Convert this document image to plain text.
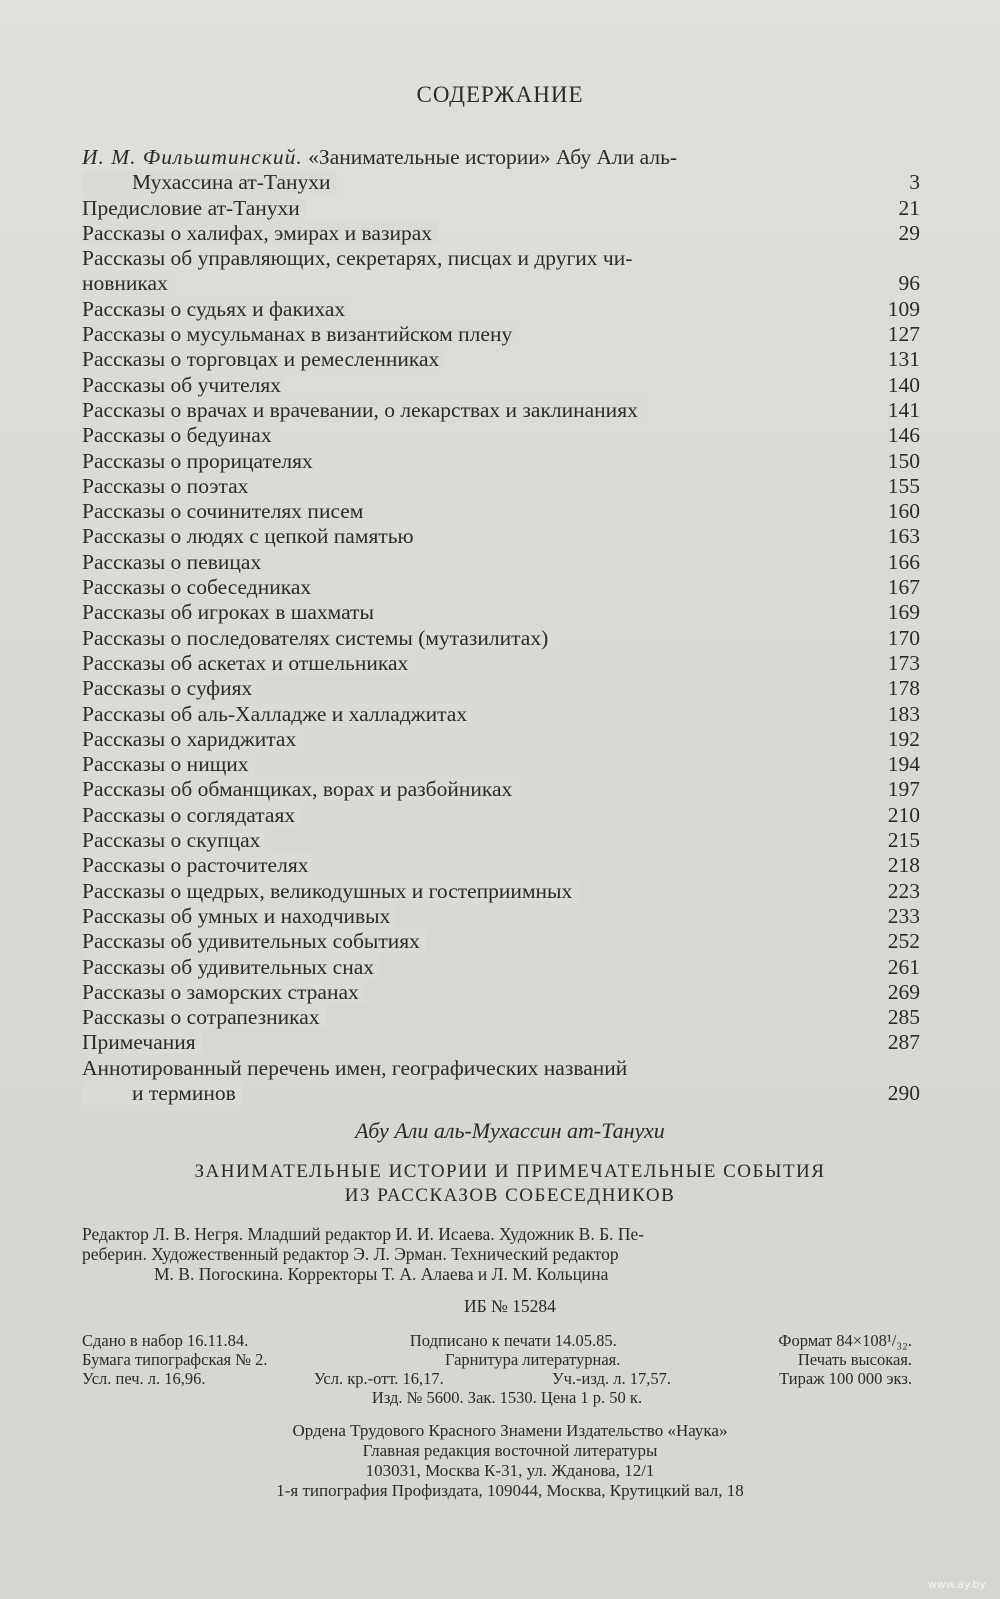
СОДЕРЖАНИЕ
И. М. Фильштинский. «Занимательные истории» Абу Али аль-
Мухассина ат-Танухи	3
Предисловие ат-Танухи	21
Рассказы о халифах, эмирах и вазирах	29
Рассказы об управляющих, секретарях, писцах и других чи-
новниках	96
Рассказы о судьях и факихах	109
Рассказы о мусульманах в византийском плену	127
Рассказы о торговцах и ремесленниках	131
Рассказы об учителях	140
Рассказы о врачах и врачевании, о лекарствах и заклинаниях	141
Рассказы о бедуинах	146
Рассказы о прорицателях	150
Рассказы о поэтах	155
Рассказы о сочинителях писем	160
Рассказы о людях с цепкой памятью	163
Рассказы о певицах	166
Рассказы о собеседниках	167
Рассказы об игроках в шахматы	169
Рассказы о последователях системы (мутазилитах)	170
Рассказы об аскетах и отшельниках	173
Рассказы о суфиях	178
Рассказы об аль-Халладже и халладжитах	183
Рассказы о хариджитах	192
Рассказы о нищих	194
Рассказы об обманщиках, ворах и разбойниках	197
Рассказы о соглядатаях	210
Рассказы о скупцах	215
Рассказы о расточителях	218
Рассказы о щедрых, великодушных и гостеприимных	223
Рассказы об умных и находчивых	233
Рассказы об удивительных событиях	252
Рассказы об удивительных снах	261
Рассказы о заморских странах	269
Рассказы о сотрапезниках	285
Примечания	287
Аннотированный перечень имен, географических названий
и терминов	290
Абу Али аль-Мухассин ат-Танухи
ЗАНИМАТЕЛЬНЫЕ ИСТОРИИ И ПРИМЕЧАТЕЛЬНЫЕ СОБЫТИЯ
ИЗ РАССКАЗОВ СОБЕСЕДНИКОВ
Редактор Л. В. Негря. Младший редактор И. И. Исаева. Художник В. Б. Пе-
реберин. Художественный редактор Э. Л. Эрман. Технический редактор
М. В. Погоскина. Корректоры Т. А. Алаева и Л. М. Кольцина
ИБ № 15284
Сдано в набор 16.11.84.	Подписано к печати 14.05.85.	Формат 84×108¹/₃₂.
Бумага типографская № 2.	Гарнитура литературная.	Печать высокая.
Усл. печ. л. 16,96.	Усл. кр.-отт. 16,17.	Уч.-изд. л. 17,57.	Тираж 100 000 экз.
Изд. № 5600. Зак. 1530. Цена 1 р. 50 к.
Ордена Трудового Красного Знамени Издательство «Наука»
Главная редакция восточной литературы
103031, Москва К-31, ул. Жданова, 12/1
1-я типография Профиздата, 109044, Москва, Крутицкий вал, 18
www.ay.by
